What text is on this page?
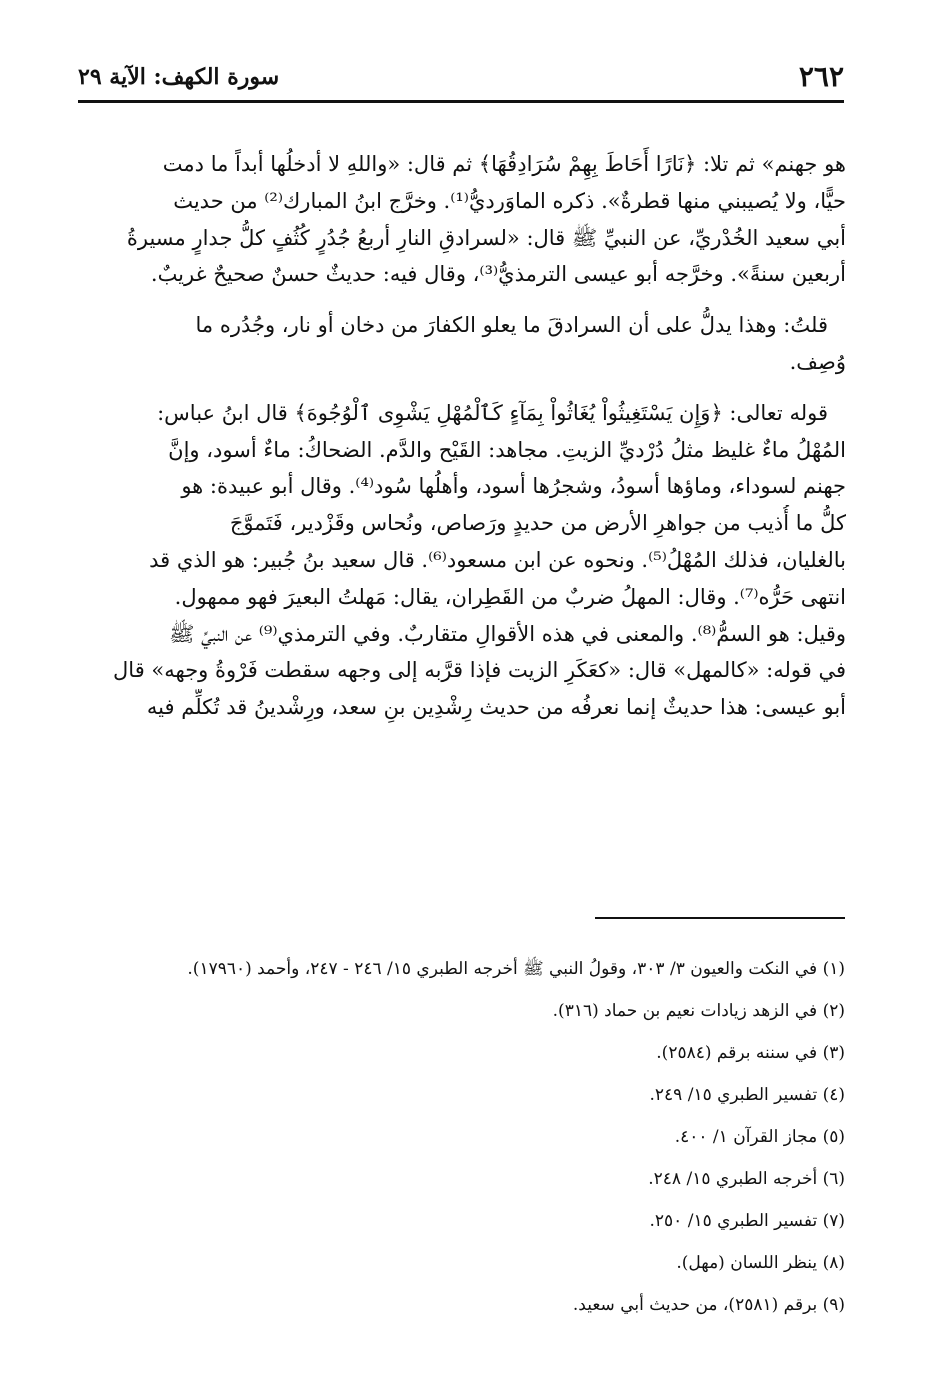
٢٦٢
سورة الكهف: الآية ٢٩
هو جهنم» ثم تلا: ﴿نَارًا أَحَاطَ بِهِمْ سُرَادِقُهَا﴾ ثم قال: «واللهِ لا أدخلُها أبداً ما دمت
حيًّا، ولا يُصيبني منها قطرةٌ». ذكره الماوَرديُّ⁽¹⁾. وخرَّج ابنُ المبارك⁽²⁾ من حديث
أبي سعيد الخُدْريِّ، عن النبيِّ ﷺ قال: «لسرادقِ النارِ أربعُ جُدُرٍ كُثُفٍ كلُّ جدارٍ مسيرةُ
أربعين سنةً». وخرَّجه أبو عيسى الترمذيُّ⁽³⁾، وقال فيه: حديثٌ حسنٌ صحيحٌ غريبٌ.
قلتُ: وهذا يدلُّ على أن السرادقَ ما يعلو الكفارَ من دخان أو نار، وجُدُره ما
وُصِف.
قوله تعالى: ﴿وَإِن يَسْتَغِيثُواْ يُغَاثُواْ بِمَآءٍ كَٱلْمُهْلِ يَشْوِى ٱلْوُجُوهَ﴾ قال ابنُ عباس:
المُهْلُ ماءٌ غليظ مثلُ دُرْديِّ الزيتِ. مجاهد: القَيْح والدَّم. الضحاكُ: ماءٌ أسود، وإنَّ
جهنم لسوداء، وماؤها أسودُ، وشجرُها أسود، وأهلُها سُود⁽⁴⁾. وقال أبو عبيدة: هو
كلُّ ما أُذيب من جواهرِ الأرض من حديدٍ ورَصاص، ونُحاس وقَزْدير، فَتَموَّجَ
بالغليان، فذلك المُهْلُ⁽⁵⁾. ونحوه عن ابن مسعود⁽⁶⁾. قال سعيد بنُ جُبير: هو الذي قد
انتهى حَرُّه⁽⁷⁾. وقال: المهلُ ضربٌ من القَطِران، يقال: مَهلتُ البعيرَ فهو ممهول.
وقيل: هو السمُّ⁽⁸⁾. والمعنى في هذه الأقوالِ متقاربٌ. وفي الترمذي⁽⁹⁾ عن النبيِّ ﷺ
في قوله: «كالمهل» قال: «كعَكَرِ الزيت فإذا قرَّبه إلى وجهه سقطت فَرْوةُ وجهه» قال
أبو عيسى: هذا حديثٌ إنما نعرفُه من حديث رِشْدِين بنِ سعد، ورِشْدينُ قد تُكلِّم فيه
(١) في النكت والعيون ٣/ ٣٠٣، وقولُ النبي ﷺ أخرجه الطبري ١٥/ ٢٤٦ - ٢٤٧، وأحمد (١٧٩٦٠).
(٢) في الزهد زيادات نعيم بن حماد (٣١٦).
(٣) في سننه برقم (٢٥٨٤).
(٤) تفسير الطبري ١٥/ ٢٤٩.
(٥) مجاز القرآن ١/ ٤٠٠.
(٦) أخرجه الطبري ١٥/ ٢٤٨.
(٧) تفسير الطبري ١٥/ ٢٥٠.
(٨) ينظر اللسان (مهل).
(٩) برقم (٢٥٨١)، من حديث أبي سعيد.
